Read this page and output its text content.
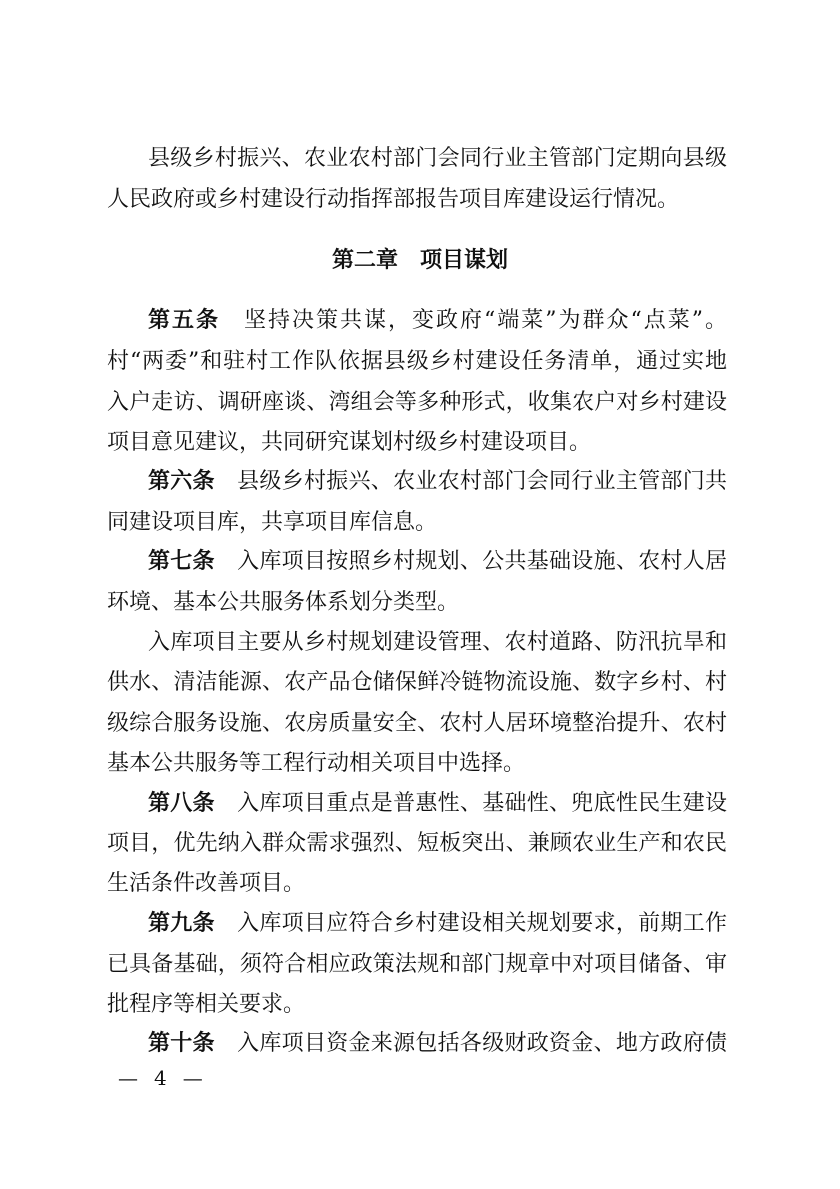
县级乡村振兴、农业农村部门会同行业主管部门定期向县级
人民政府或乡村建设行动指挥部报告项目库建设运行情况。
第二章 项目谋划
第五条 坚持决策共谋，变政府“端菜”为群众“点菜”。
村“两委”和驻村工作队依据县级乡村建设任务清单，通过实地
入户走访、调研座谈、湾组会等多种形式，收集农户对乡村建设
项目意见建议，共同研究谋划村级乡村建设项目。
第六条 县级乡村振兴、农业农村部门会同行业主管部门共
同建设项目库，共享项目库信息。
第七条 入库项目按照乡村规划、公共基础设施、农村人居
环境、基本公共服务体系划分类型。
入库项目主要从乡村规划建设管理、农村道路、防汛抗旱和
供水、清洁能源、农产品仓储保鲜冷链物流设施、数字乡村、村
级综合服务设施、农房质量安全、农村人居环境整治提升、农村
基本公共服务等工程行动相关项目中选择。
第八条 入库项目重点是普惠性、基础性、兜底性民生建设
项目，优先纳入群众需求强烈、短板突出、兼顾农业生产和农民
生活条件改善项目。
第九条 入库项目应符合乡村建设相关规划要求，前期工作
已具备基础，须符合相应政策法规和部门规章中对项目储备、审
批程序等相关要求。
第十条 入库项目资金来源包括各级财政资金、地方政府债
— 4 —
